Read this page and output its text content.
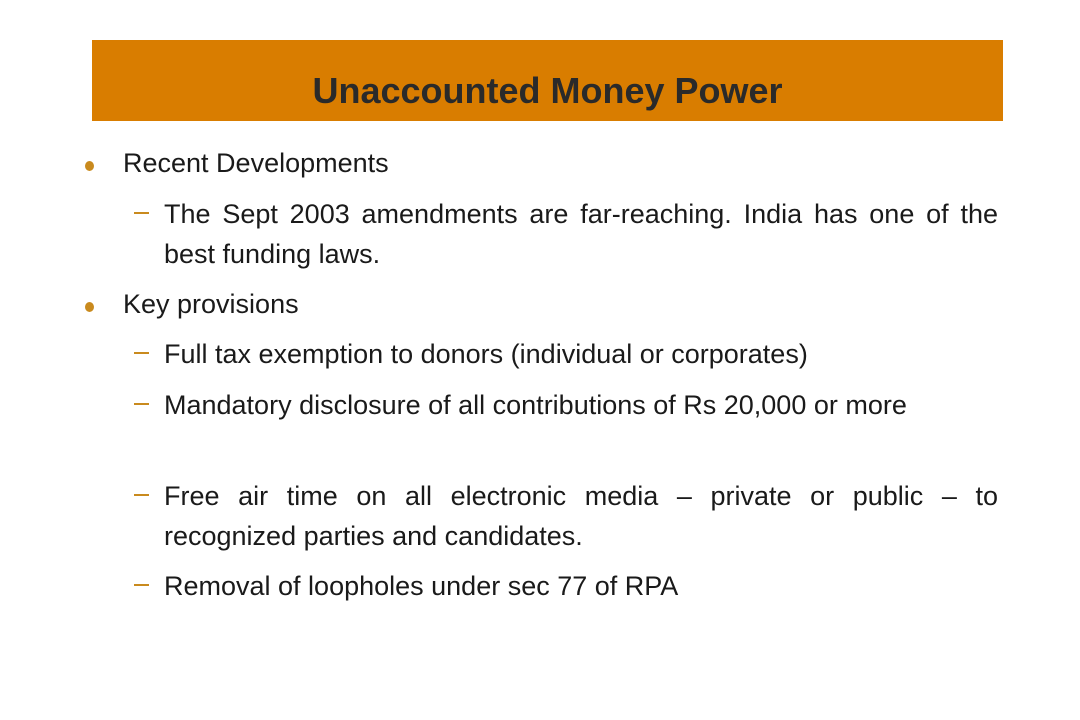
Unaccounted Money Power
Recent Developments
The Sept 2003 amendments are far-reaching. India has one of the best funding laws.
Key provisions
Full tax exemption to donors (individual or corporates)
Mandatory disclosure of all contributions of Rs 20,000 or more
Free air time on all electronic media – private or public – to recognized parties and candidates.
Removal of loopholes under sec 77 of RPA
